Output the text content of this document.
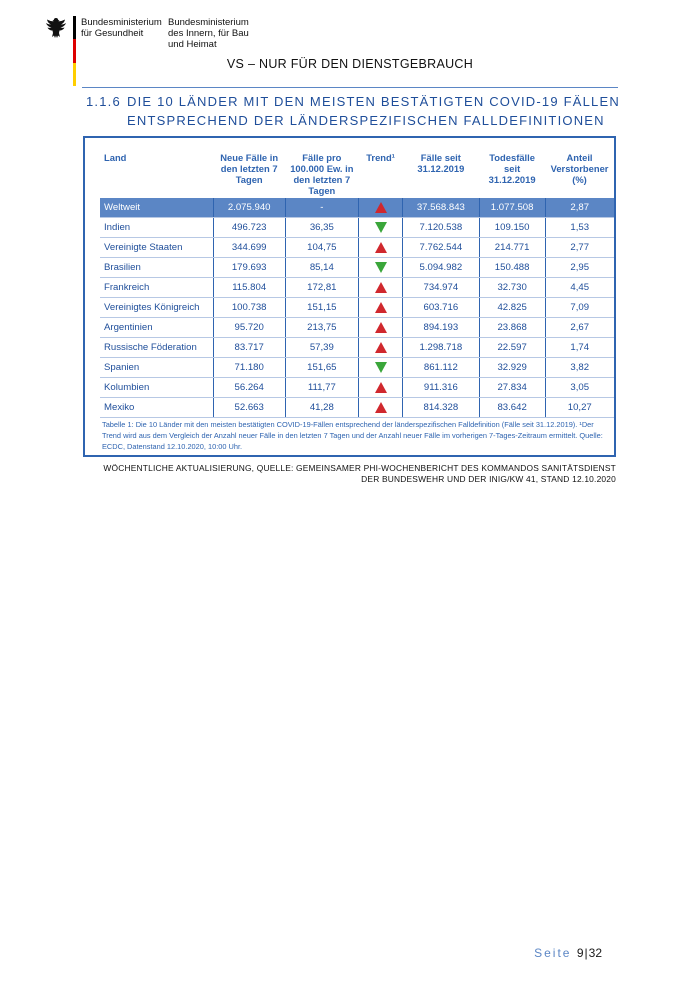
Bundesministerium
für Gesundheit
Bundesministerium
des Innern, für Bau
und Heimat
VS – NUR FÜR DEN DIENSTGEBRAUCH
1.1.6 DIE 10 LÄNDER MIT DEN MEISTEN BESTÄTIGTEN COVID-19 FÄLLEN
ENTSPRECHEND DER LÄNDERSPEZIFISCHEN FALLDEFINITIONEN
Land	Neue Fälle in den letzten 7 Tagen	Fälle pro 100.000 Ew. in den letzten 7 Tagen	Trend¹	Fälle seit 31.12.2019	Todesfälle seit 31.12.2019	Anteil Verstorbener (%)
Weltweit	2.075.940	-		37.568.843	1.077.508	2,87
Indien	496.723	36,35		7.120.538	109.150	1,53
Vereinigte Staaten	344.699	104,75		7.762.544	214.771	2,77
Brasilien	179.693	85,14		5.094.982	150.488	2,95
Frankreich	115.804	172,81		734.974	32.730	4,45
Vereinigtes Königreich	100.738	151,15		603.716	42.825	7,09
Argentinien	95.720	213,75		894.193	23.868	2,67
Russische Föderation	83.717	57,39		1.298.718	22.597	1,74
Spanien	71.180	151,65		861.112	32.929	3,82
Kolumbien	56.264	111,77		911.316	27.834	3,05
Mexiko	52.663	41,28		814.328	83.642	10,27
Tabelle 1: Die 10 Länder mit den meisten bestätigten COVID-19-Fällen entsprechend der länderspezifischen Falldefinition (Fälle seit 31.12.2019). ¹Der Trend wird aus dem Vergleich der Anzahl neuer Fälle in den letzten 7 Tagen und der Anzahl neuer Fälle im vorherigen 7-Tages-Zeitraum ermittelt. Quelle: ECDC, Datenstand 12.10.2020, 10:00 Uhr.
WÖCHENTLICHE AKTUALISIERUNG, QUELLE: GEMEINSAMER PHI-WOCHENBERICHT DES KOMMANDOS SANITÄTSDIENST
DER BUNDESWEHR UND DER INIG/KW 41, STAND 12.10.2020
Seite 9|32
